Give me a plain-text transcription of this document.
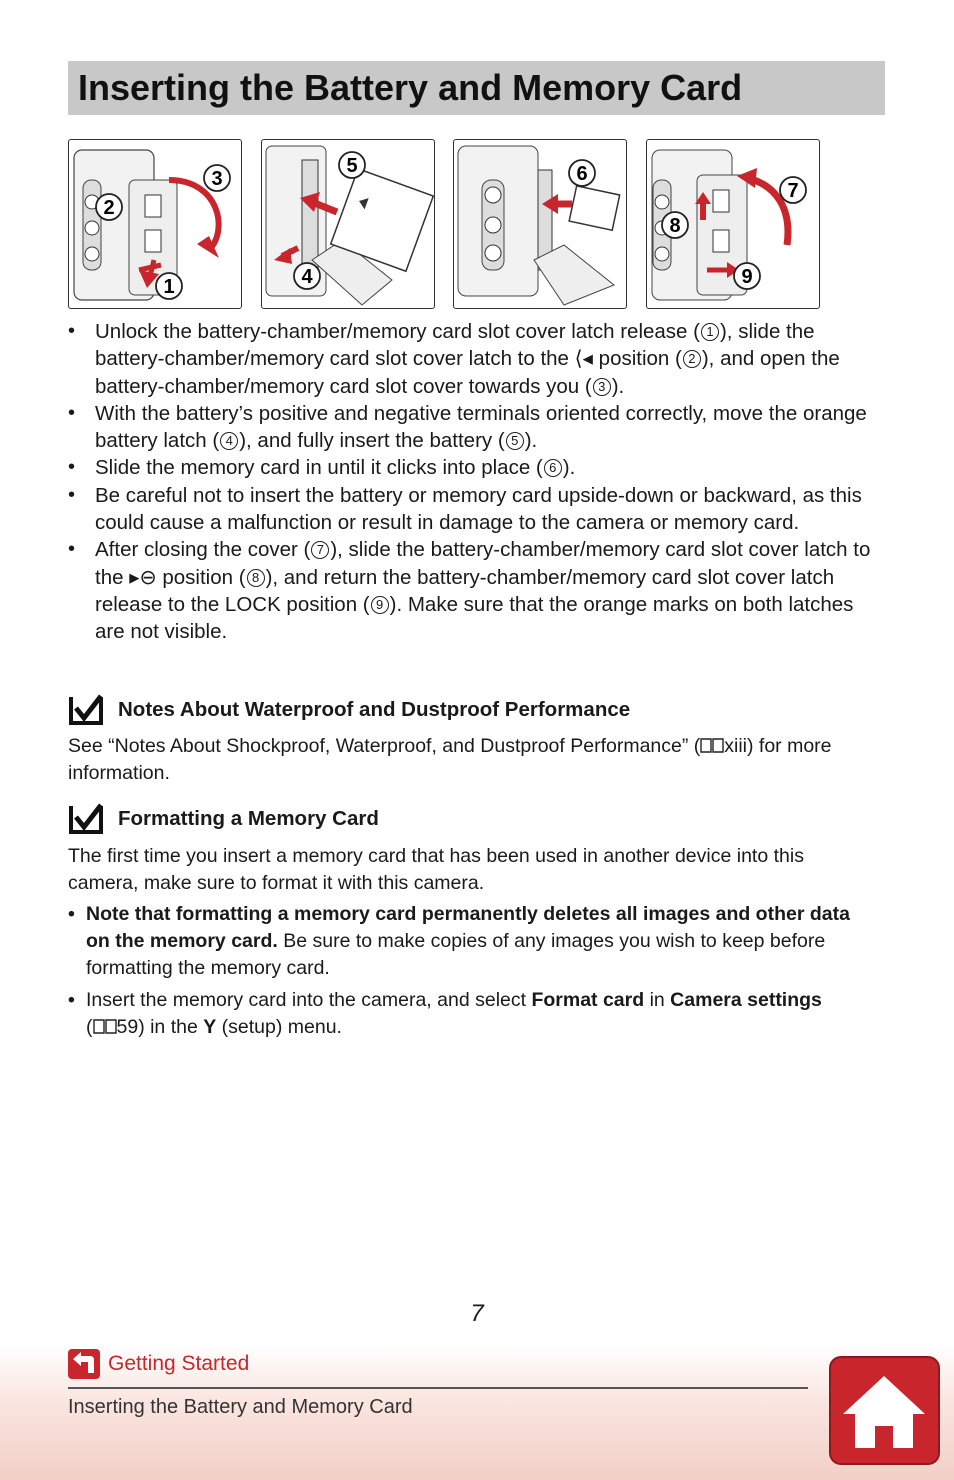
Inserting the Battery and Memory Card
3
2
1
5
4
6
7
8
9
• Unlock the battery-chamber/memory card slot cover latch release ( 1 ), slide the battery-chamber/memory card slot cover latch to the ⟨◂ position ( 2 ), and open the battery-chamber/memory card slot cover towards you ( 3 ).
• With the battery’s positive and negative terminals oriented correctly, move the orange battery latch ( 4 ), and fully insert the battery ( 5 ).
• Slide the memory card in until it clicks into place ( 6 ).
• Be careful not to insert the battery or memory card upside-down or backward, as this could cause a malfunction or result in damage to the camera or memory card.
• After closing the cover ( 7 ), slide the battery-chamber/memory card slot cover latch to the ▸⊖ position ( 8 ), and return the battery-chamber/memory card slot cover latch release to the LOCK position ( 9 ). Make sure that the orange marks on both latches are not visible.
Notes About Waterproof and Dustproof Performance

See “Notes About Shockproof, Waterproof, and Dustproof Performance” ( xiii) for more information.

Formatting a Memory Card

The first time you insert a memory card that has been used in another device into this camera, make sure to format it with this camera.

• Note that formatting a memory card permanently deletes all images and other data on the memory card. Be sure to make copies of any images you wish to keep before formatting the memory card.
• Insert the memory card into the camera, and select Format card in Camera settings
( 59) in the Y (setup) menu.
7
Getting Started
Inserting the Battery and Memory Card
